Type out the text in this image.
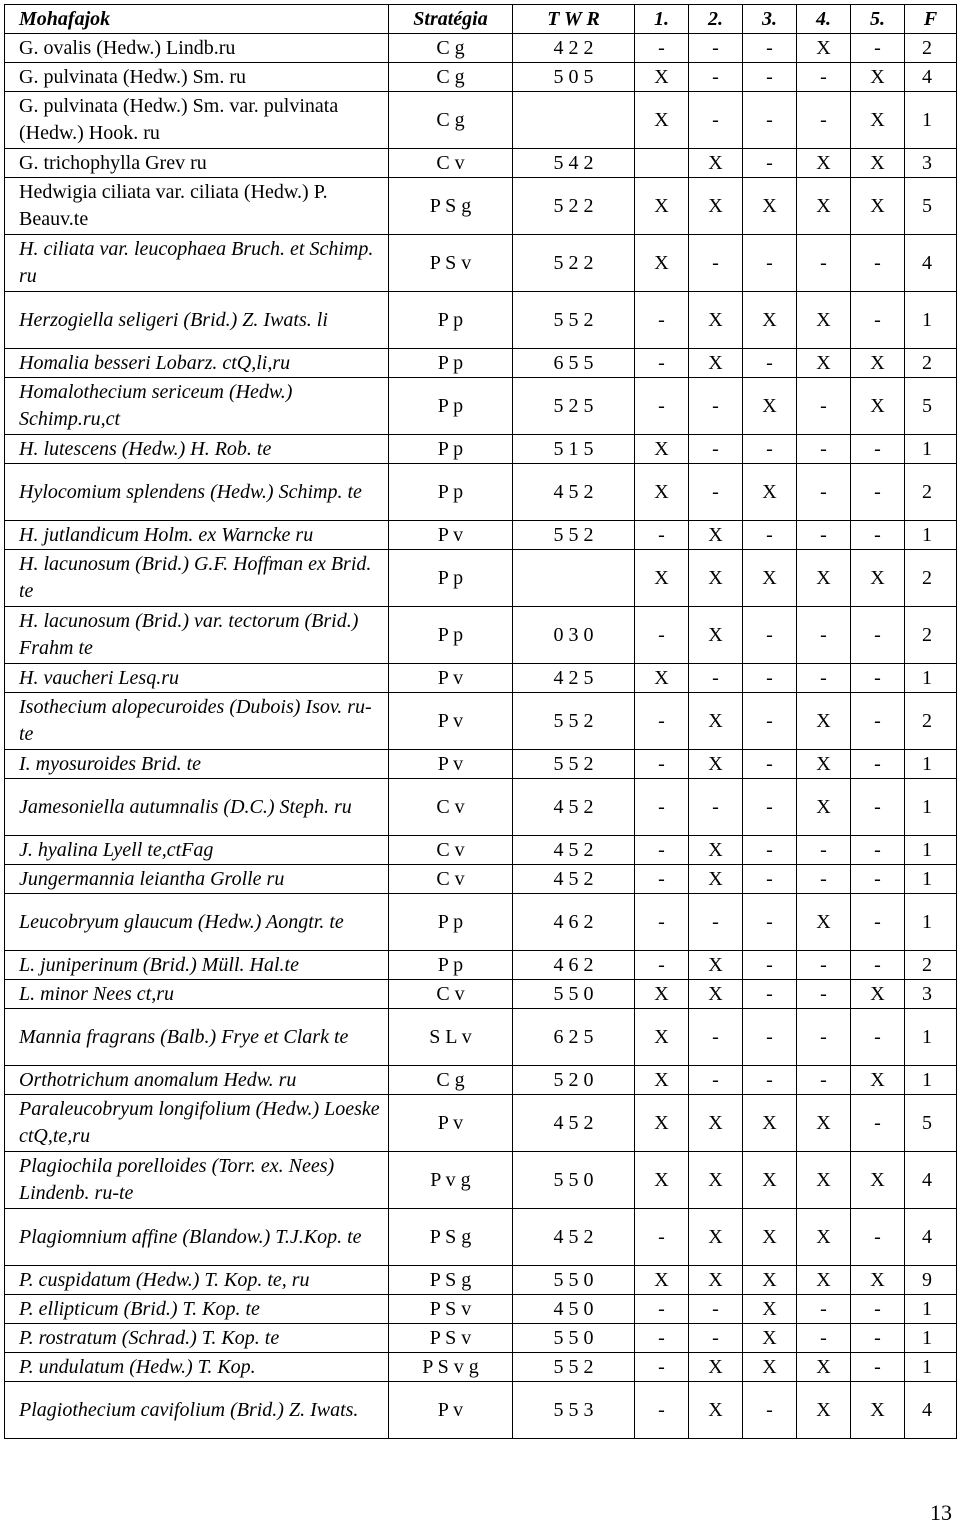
Mohafajok	Stratégia	T W R	1.	2.	3.	4.	5.	F
G. ovalis (Hedw.) Lindb.ru	C g	4 2 2	-	-	-	X	-	2
G. pulvinata (Hedw.) Sm. ru	C g	5 0 5	X	-	-	-	X	4
G. pulvinata (Hedw.) Sm. var. pulvinata (Hedw.) Hook. ru	C g		X	-	-	-	X	1
G. trichophylla Grev ru	C v	5 4 2		X	-	X	X	3
Hedwigia ciliata var. ciliata (Hedw.) P. Beauv.te	P S g	5 2 2	X	X	X	X	X	5
H. ciliata var. leucophaea Bruch. et Schimp. ru	P S v	5 2 2	X	-	-	-	-	4
Herzogiella seligeri (Brid.) Z. Iwats. li	P p	5 5 2	-	X	X	X	-	1
Homalia besseri Lobarz. ctQ,li,ru	P p	6 5 5	-	X	-	X	X	2
Homalothecium sericeum (Hedw.) Schimp.ru,ct	P p	5 2 5	-	-	X	-	X	5
H. lutescens (Hedw.) H. Rob. te	P p	5 1 5	X	-	-	-	-	1
Hylocomium splendens (Hedw.) Schimp. te	P p	4 5 2	X	-	X	-	-	2
H. jutlandicum Holm. ex Warncke ru	P v	5 5 2	-	X	-	-	-	1
H. lacunosum (Brid.) G.F. Hoffman ex Brid. te	P p		X	X	X	X	X	2
H. lacunosum (Brid.) var. tectorum (Brid.) Frahm te	P p	0 3 0	-	X	-	-	-	2
H. vaucheri Lesq.ru	P v	4 2 5	X	-	-	-	-	1
Isothecium alopecuroides (Dubois) Isov. ru-te	P v	5 5 2	-	X	-	X	-	2
I. myosuroides Brid. te	P v	5 5 2	-	X	-	X	-	1
Jamesoniella autumnalis (D.C.) Steph. ru	C v	4 5 2	-	-	-	X	-	1
J. hyalina Lyell te,ctFag	C v	4 5 2	-	X	-	-	-	1
Jungermannia leiantha Grolle ru	C v	4 5 2	-	X	-	-	-	1
Leucobryum glaucum (Hedw.) Aongtr. te	P p	4 6 2	-	-	-	X	-	1
L. juniperinum (Brid.) Müll. Hal.te	P p	4 6 2	-	X	-	-	-	2
L. minor Nees ct,ru	C v	5 5 0	X	X	-	-	X	3
Mannia fragrans (Balb.) Frye et Clark te	S L v	6 2 5	X	-	-	-	-	1
Orthotrichum anomalum Hedw. ru	C g	5 2 0	X	-	-	-	X	1
Paraleucobryum longifolium (Hedw.) Loeske ctQ,te,ru	P v	4 5 2	X	X	X	X	-	5
Plagiochila porelloides (Torr. ex. Nees) Lindenb. ru-te	P v g	5 5 0	X	X	X	X	X	4
Plagiomnium affine (Blandow.) T.J.Kop. te	P S g	4 5 2	-	X	X	X	-	4
P. cuspidatum (Hedw.) T. Kop. te, ru	P S g	5 5 0	X	X	X	X	X	9
P. ellipticum (Brid.) T. Kop. te	P S v	4 5 0	-	-	X	-	-	1
P. rostratum (Schrad.) T. Kop. te	P S v	5 5 0	-	-	X	-	-	1
P. undulatum (Hedw.) T. Kop.	P S v g	5 5 2	-	X	X	X	-	1
Plagiothecium cavifolium (Brid.) Z. Iwats.	P v	5 5 3	-	X	-	X	X	4
13
